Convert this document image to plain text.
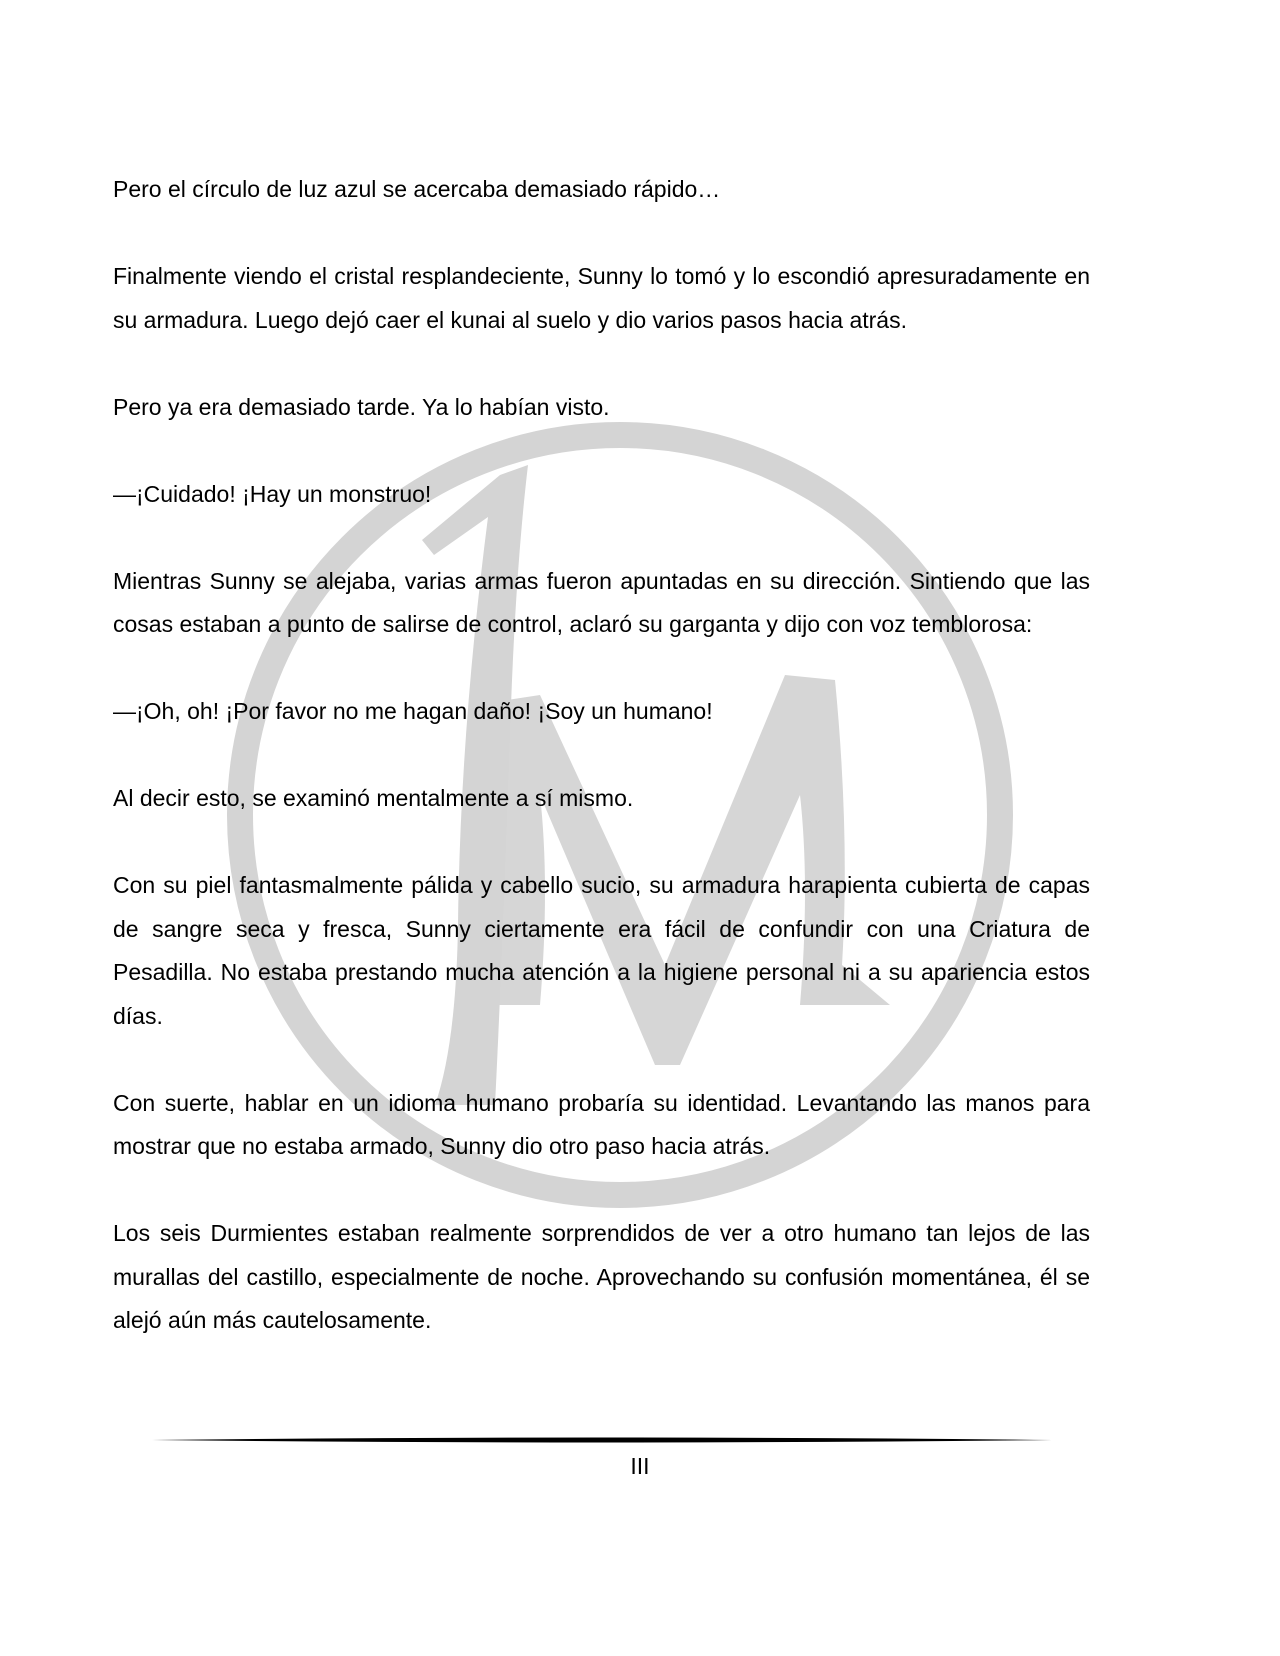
Pero el círculo de luz azul se acercaba demasiado rápido…

Finalmente viendo el cristal resplandeciente, Sunny lo tomó y lo escondió apresuradamente en su armadura. Luego dejó caer el kunai al suelo y dio varios pasos hacia atrás.

Pero ya era demasiado tarde. Ya lo habían visto.

—¡Cuidado! ¡Hay un monstruo!

Mientras Sunny se alejaba, varias armas fueron apuntadas en su dirección. Sintiendo que las cosas estaban a punto de salirse de control, aclaró su garganta y dijo con voz temblorosa:

—¡Oh, oh! ¡Por favor no me hagan daño! ¡Soy un humano!

Al decir esto, se examinó mentalmente a sí mismo.

Con su piel fantasmalmente pálida y cabello sucio, su armadura harapienta cubierta de capas de sangre seca y fresca, Sunny ciertamente era fácil de confundir con una Criatura de Pesadilla. No estaba prestando mucha atención a la higiene personal ni a su apariencia estos días.

Con suerte, hablar en un idioma humano probaría su identidad. Levantando las manos para mostrar que no estaba armado, Sunny dio otro paso hacia atrás.

Los seis Durmientes estaban realmente sorprendidos de ver a otro humano tan lejos de las murallas del castillo, especialmente de noche. Aprovechando su confusión momentánea, él se alejó aún más cautelosamente.

III
